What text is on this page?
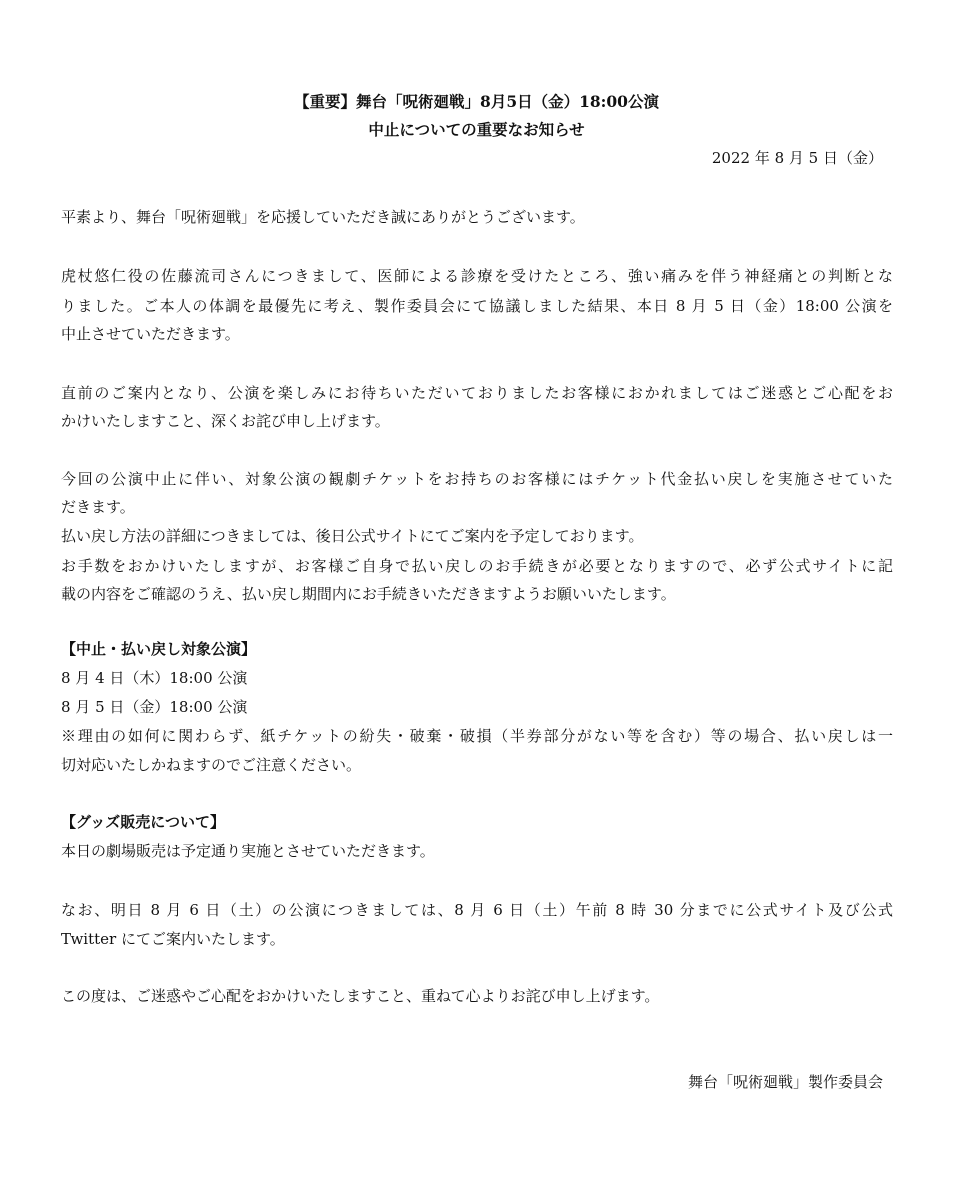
【重要】舞台「呪術廻戦」8月5日（金）18:00公演
中止についての重要なお知らせ
2022 年 8 月 5 日（金）
平素より、舞台「呪術廻戦」を応援していただき誠にありがとうございます。
虎杖悠仁役の佐藤流司さんにつきまして、医師による診療を受けたところ、強い痛みを伴う神経痛との判断とな
りました。ご本人の体調を最優先に考え、製作委員会にて協議しました結果、本日 8 月 5 日（金）18:00 公演を
中止させていただきます。
直前のご案内となり、公演を楽しみにお待ちいただいておりましたお客様におかれましてはご迷惑とご心配をお
かけいたしますこと、深くお詫び申し上げます。
今回の公演中止に伴い、対象公演の観劇チケットをお持ちのお客様にはチケット代金払い戻しを実施させていた
だきます。
払い戻し方法の詳細につきましては、後日公式サイトにてご案内を予定しております。
お手数をおかけいたしますが、お客様ご自身で払い戻しのお手続きが必要となりますので、必ず公式サイトに記
載の内容をご確認のうえ、払い戻し期間内にお手続きいただきますようお願いいたします。
【中止・払い戻し対象公演】
8 月 4 日（木）18:00 公演
8 月 5 日（金）18:00 公演
※理由の如何に関わらず、紙チケットの紛失・破棄・破損（半券部分がない等を含む）等の場合、払い戻しは一
切対応いたしかねますのでご注意ください。
【グッズ販売について】
本日の劇場販売は予定通り実施とさせていただきます。
なお、明日 8 月 6 日（土）の公演につきましては、8 月 6 日（土）午前 8 時 30 分までに公式サイト及び公式
Twitter にてご案内いたします。
この度は、ご迷惑やご心配をおかけいたしますこと、重ねて心よりお詫び申し上げます。
舞台「呪術廻戦」製作委員会
